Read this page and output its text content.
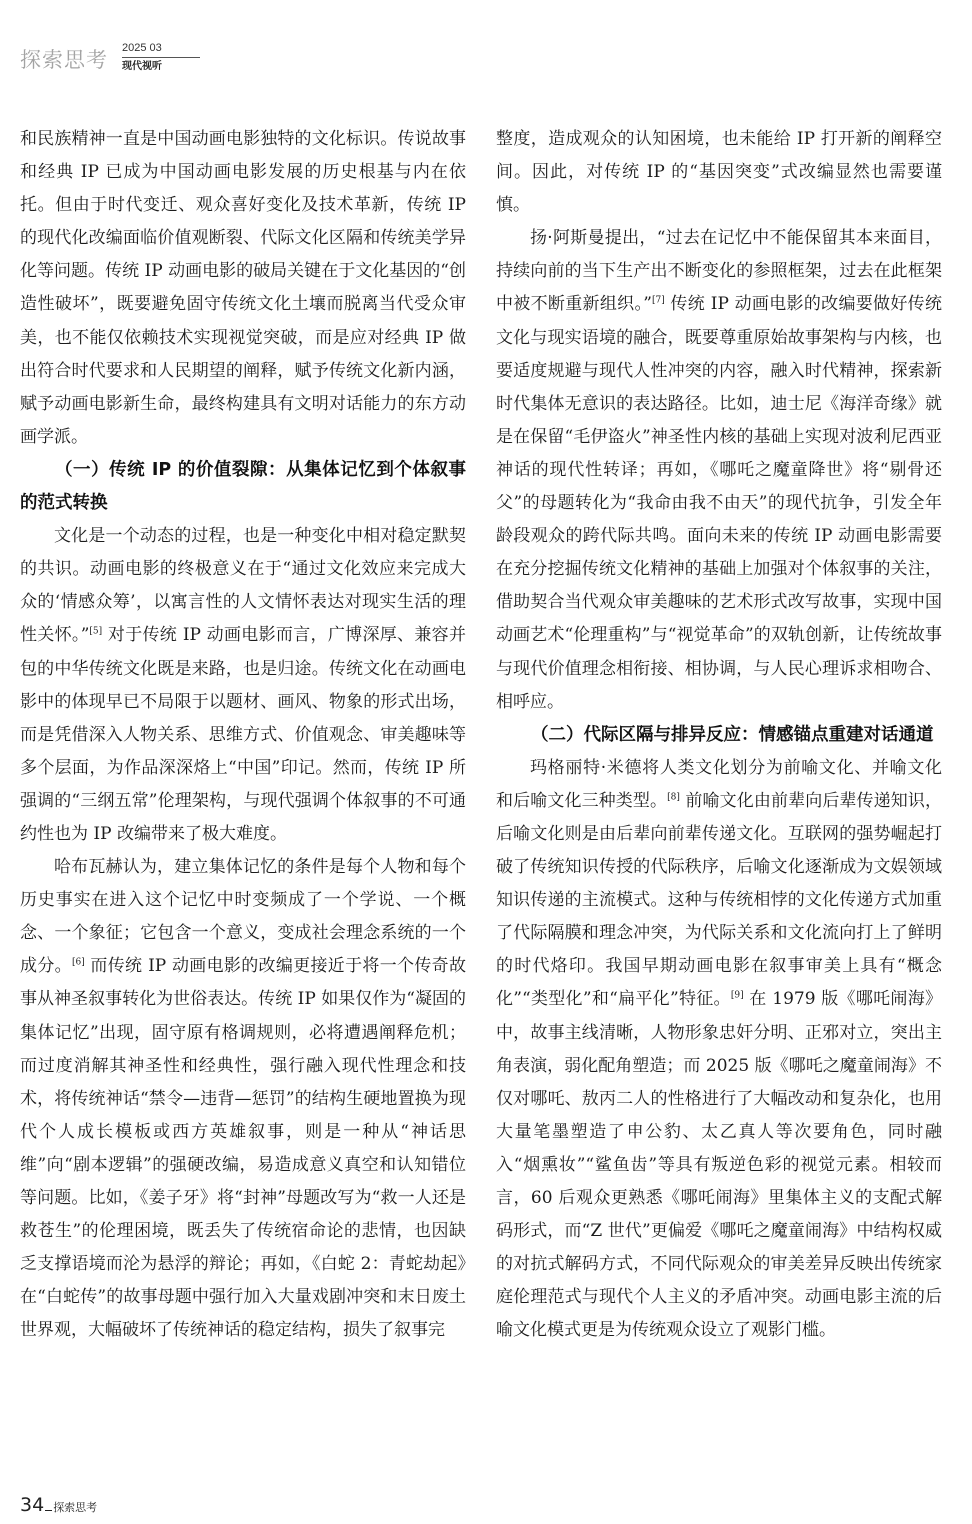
探索思考 2025 03
现代视听

和民族精神一直是中国动画电影独特的文化标识。传说故事和经典 IP 已成为中国动画电影发展的历史根基与内在依托。但由于时代变迁、观众喜好变化及技术革新，传统 IP 的现代化改编面临价值观断裂、代际文化区隔和传统美学异化等问题。传统 IP 动画电影的破局关键在于文化基因的“创造性破坏”，既要避免固守传统文化土壤而脱离当代受众审美，也不能仅依赖技术实现视觉突破，而是应对经典 IP 做出符合时代要求和人民期望的阐释，赋予传统文化新内涵，赋予动画电影新生命，最终构建具有文明对话能力的东方动画学派。

（一）传统 IP 的价值裂隙：从集体记忆到个体叙事的范式转换

文化是一个动态的过程，也是一种变化中相对稳定默契的共识。动画电影的终极意义在于“通过文化效应来完成大众的‘情感众筹’，以寓言性的人文情怀表达对现实生活的理性关怀。”[5] 对于传统 IP 动画电影而言，广博深厚、兼容并包的中华传统文化既是来路，也是归途。传统文化在动画电影中的体现早已不局限于以题材、画风、物象的形式出场，而是凭借深入人物关系、思维方式、价值观念、审美趣味等多个层面，为作品深深烙上“中国”印记。然而，传统 IP 所强调的“三纲五常”伦理架构，与现代强调个体叙事的不可通约性也为 IP 改编带来了极大难度。

哈布瓦赫认为，建立集体记忆的条件是每个人物和每个历史事实在进入这个记忆中时变频成了一个学说、一个概念、一个象征；它包含一个意义，变成社会理念系统的一个成分。[6] 而传统 IP 动画电影的改编更接近于将一个传奇故事从神圣叙事转化为世俗表达。传统 IP 如果仅作为“凝固的集体记忆”出现，固守原有格调规则，必将遭遇阐释危机；而过度消解其神圣性和经典性，强行融入现代性理念和技术，将传统神话“禁令—违背—惩罚”的结构生硬地置换为现代个人成长模板或西方英雄叙事，则是一种从“神话思维”向“剧本逻辑”的强硬改编，易造成意义真空和认知错位等问题。比如，《姜子牙》将“封神”母题改写为“救一人还是救苍生”的伦理困境，既丢失了传统宿命论的悲情，也因缺乏支撑语境而沦为悬浮的辩论；再如，《白蛇 2：青蛇劫起》在“白蛇传”的故事母题中强行加入大量戏剧冲突和末日废土世界观，大幅破坏了传统神话的稳定结构，损失了叙事完

整度，造成观众的认知困境，也未能给 IP 打开新的阐释空间。因此，对传统 IP 的“基因突变”式改编显然也需要谨慎。

扬·阿斯曼提出，“过去在记忆中不能保留其本来面目，持续向前的当下生产出不断变化的参照框架，过去在此框架中被不断重新组织。”[7] 传统 IP 动画电影的改编要做好传统文化与现实语境的融合，既要尊重原始故事架构与内核，也要适度规避与现代人性冲突的内容，融入时代精神，探索新时代集体无意识的表达路径。比如，迪士尼《海洋奇缘》就是在保留“毛伊盗火”神圣性内核的基础上实现对波利尼西亚神话的现代性转译；再如，《哪吒之魔童降世》将“剔骨还父”的母题转化为“我命由我不由天”的现代抗争，引发全年龄段观众的跨代际共鸣。面向未来的传统 IP 动画电影需要在充分挖掘传统文化精神的基础上加强对个体叙事的关注，借助契合当代观众审美趣味的艺术形式改写故事，实现中国动画艺术“伦理重构”与“视觉革命”的双轨创新，让传统故事与现代价值理念相衔接、相协调，与人民心理诉求相吻合、相呼应。

（二）代际区隔与排异反应：情感锚点重建对话通道

玛格丽特·米德将人类文化划分为前喻文化、并喻文化和后喻文化三种类型。[8] 前喻文化由前辈向后辈传递知识，后喻文化则是由后辈向前辈传递文化。互联网的强势崛起打破了传统知识传授的代际秩序，后喻文化逐渐成为文娱领域知识传递的主流模式。这种与传统相悖的文化传递方式加重了代际隔膜和理念冲突，为代际关系和文化流向打上了鲜明的时代烙印。我国早期动画电影在叙事审美上具有“概念化”“类型化”和“扁平化”特征。[9] 在 1979 版《哪吒闹海》中，故事主线清晰，人物形象忠奸分明、正邪对立，突出主角表演，弱化配角塑造；而 2025 版《哪吒之魔童闹海》不仅对哪吒、敖丙二人的性格进行了大幅改动和复杂化，也用大量笔墨塑造了申公豹、太乙真人等次要角色，同时融入“烟熏妆”“鲨鱼齿”等具有叛逆色彩的视觉元素。相较而言，60 后观众更熟悉《哪吒闹海》里集体主义的支配式解码形式，而“Z 世代”更偏爱《哪吒之魔童闹海》中结构权威的对抗式解码方式，不同代际观众的审美差异反映出传统家庭伦理范式与现代个人主义的矛盾冲突。动画电影主流的后喻文化模式更是为传统观众设立了观影门槛。

34 探索思考
